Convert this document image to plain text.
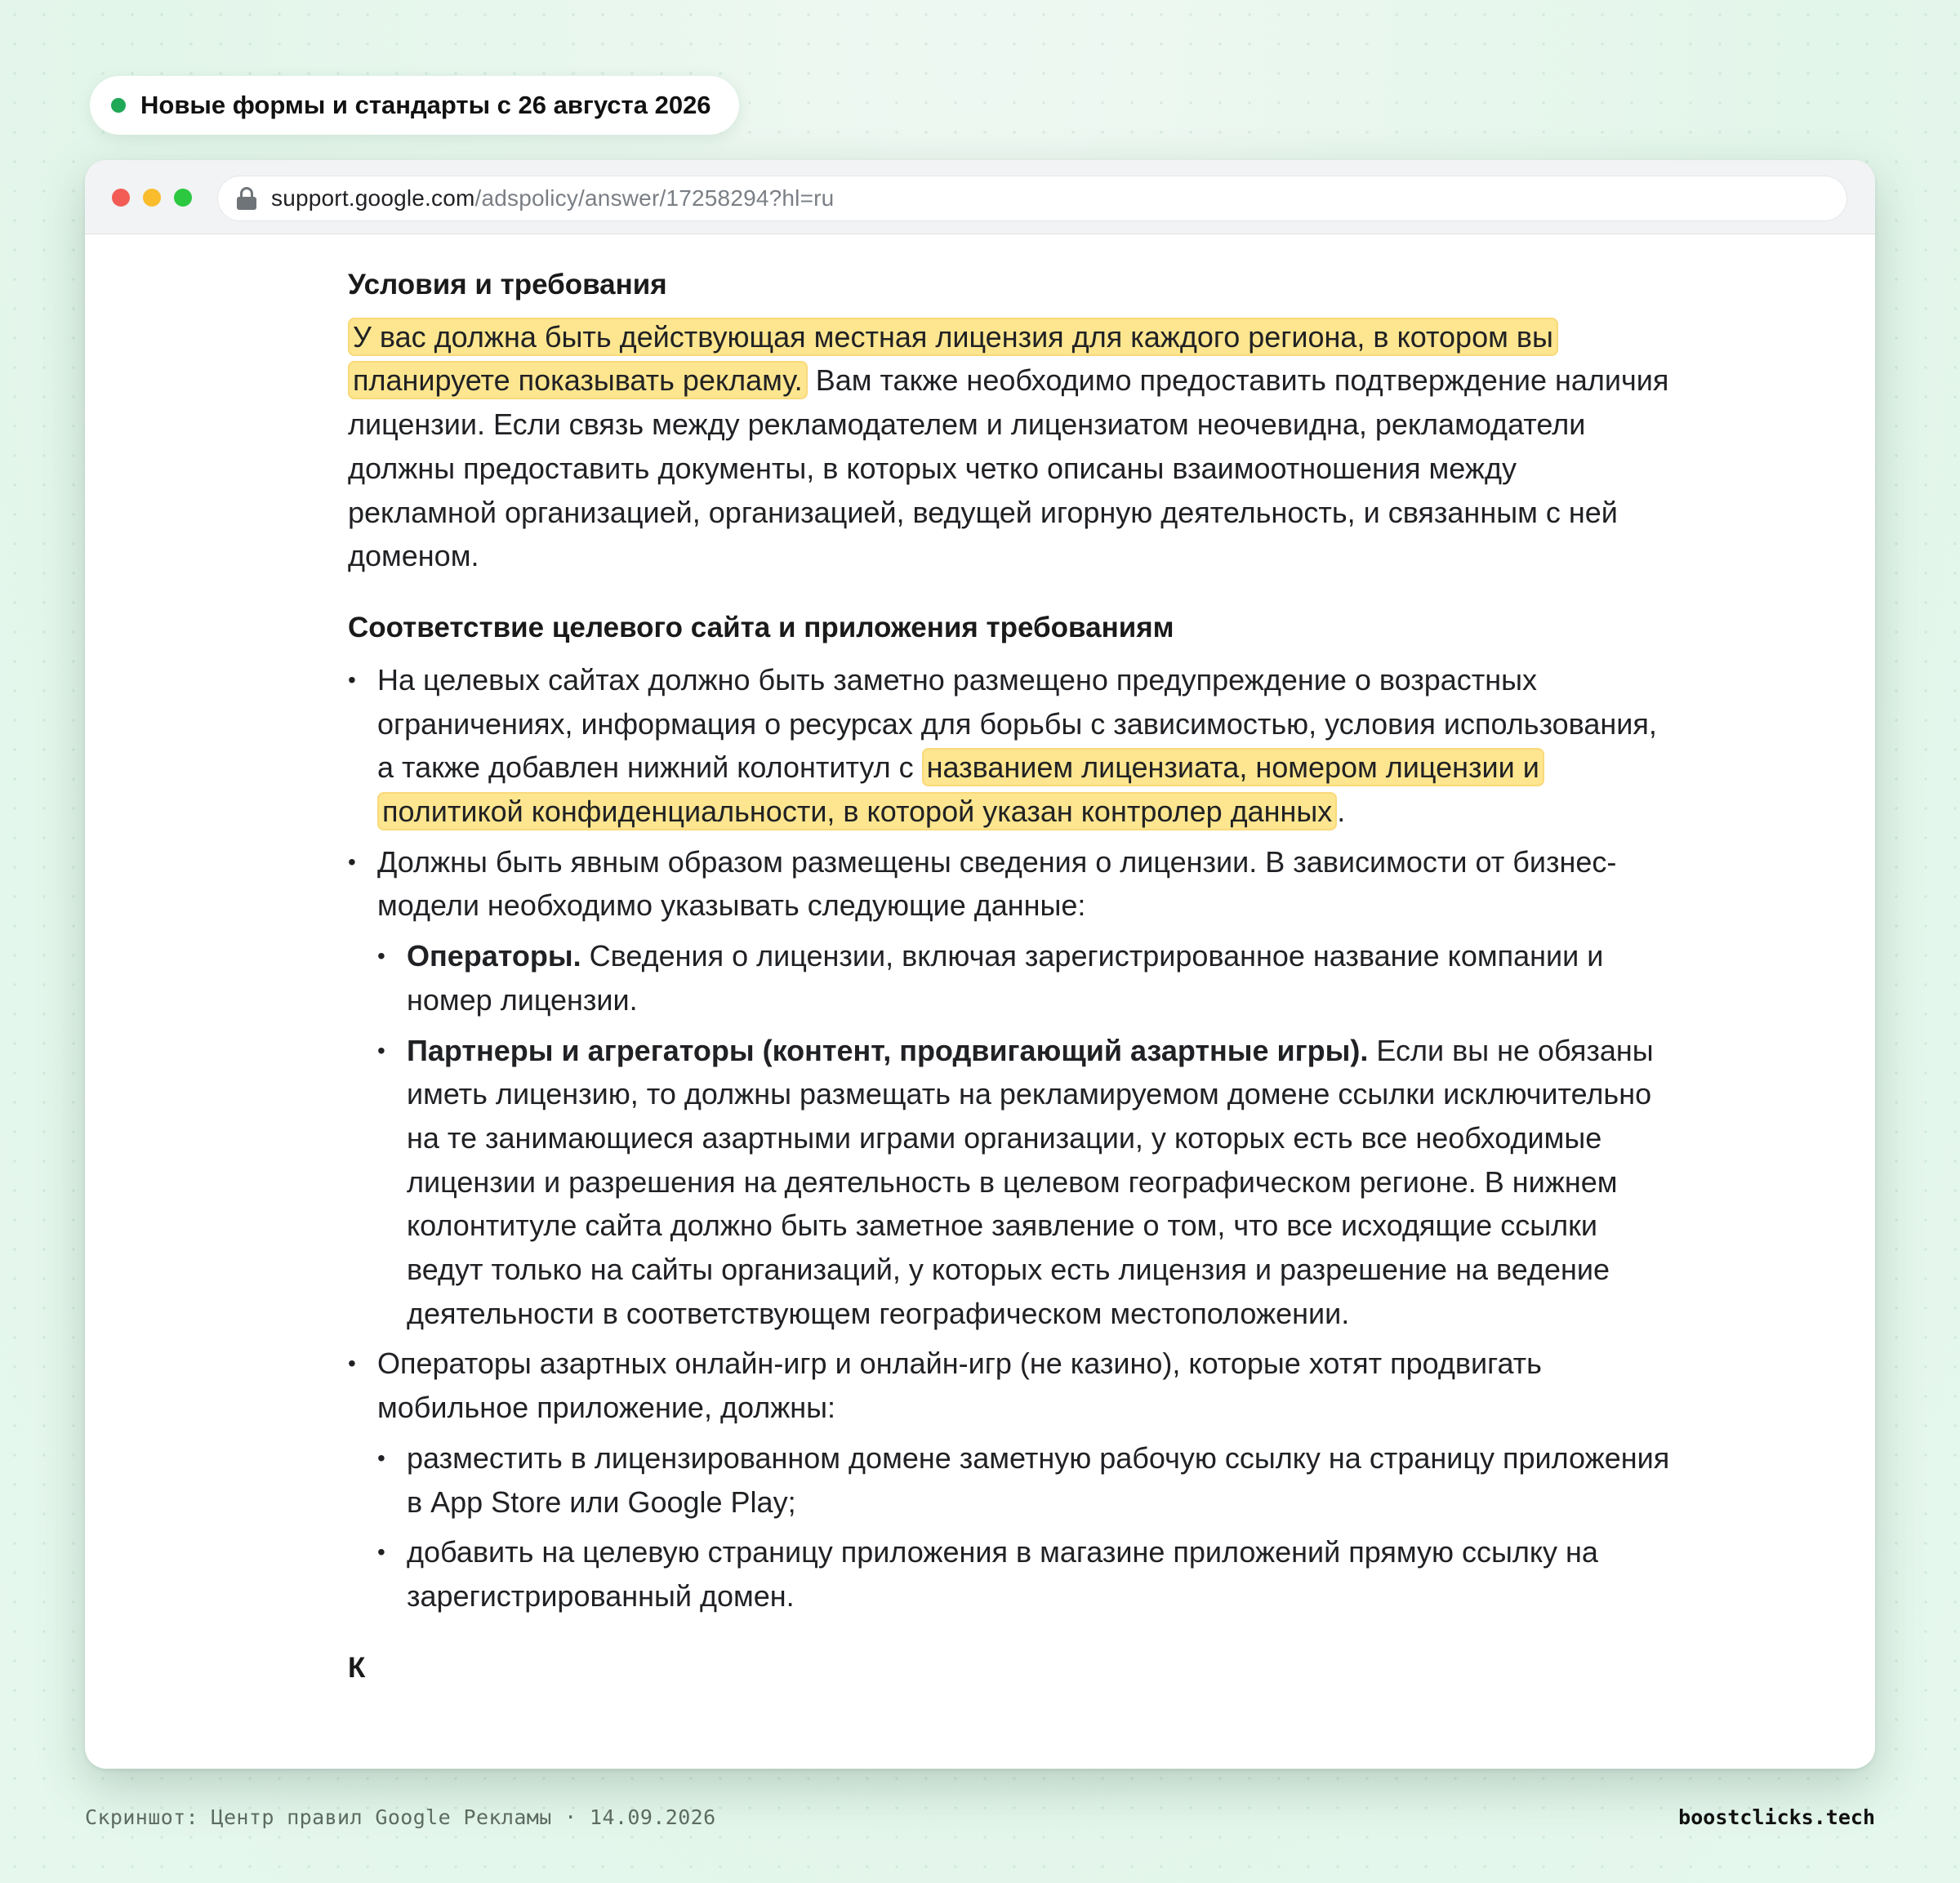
Новые формы и стандарты с 26 августа 2026
support.google.com/adspolicy/answer/17258294?hl=ru

Условия и требования

У вас должна быть действующая местная лицензия для каждого региона, в котором вы планируете показывать рекламу. Вам также необходимо предоставить подтверждение наличия лицензии. Если связь между рекламодателем и лицензиатом неочевидна, рекламодатели должны предоставить документы, в которых четко описаны взаимоотношения между рекламной организацией, организацией, ведущей игорную деятельность, и связанным с ней доменом.

Соответствие целевого сайта и приложения требованиям
• На целевых сайтах должно быть заметно размещено предупреждение о возрастных ограничениях, информация о ресурсах для борьбы с зависимостью, условия использования, а также добавлен нижний колонтитул с названием лицензиата, номером лицензии и политикой конфиденциальности, в которой указан контролер данных .
• Должны быть явным образом размещены сведения о лицензии. В зависимости от бизнес-модели необходимо указывать следующие данные:
• Операторы. Сведения о лицензии, включая зарегистрированное название компании и номер лицензии.
• Партнеры и агрегаторы (контент, продвигающий азартные игры). Если вы не обязаны иметь лицензию, то должны размещать на рекламируемом домене ссылки исключительно на те занимающиеся азартными играми организации, у которых есть все необходимые лицензии и разрешения на деятельность в целевом географическом регионе. В нижнем колонтитуле сайта должно быть заметное заявление о том, что все исходящие ссылки ведут только на сайты организаций, у которых есть лицензия и разрешение на ведение деятельности в соответствующем географическом местоположении.
• Операторы азартных онлайн-игр и онлайн-игр (не казино), которые хотят продвигать мобильное приложение, должны:
• разместить в лицензированном домене заметную рабочую ссылку на страницу приложения в App Store или Google Play;
• добавить на целевую страницу приложения в магазине приложений прямую ссылку на зарегистрированный домен.
К
Скриншот: Центр правил Google Рекламы · 14.09.2026	boostclicks.tech
